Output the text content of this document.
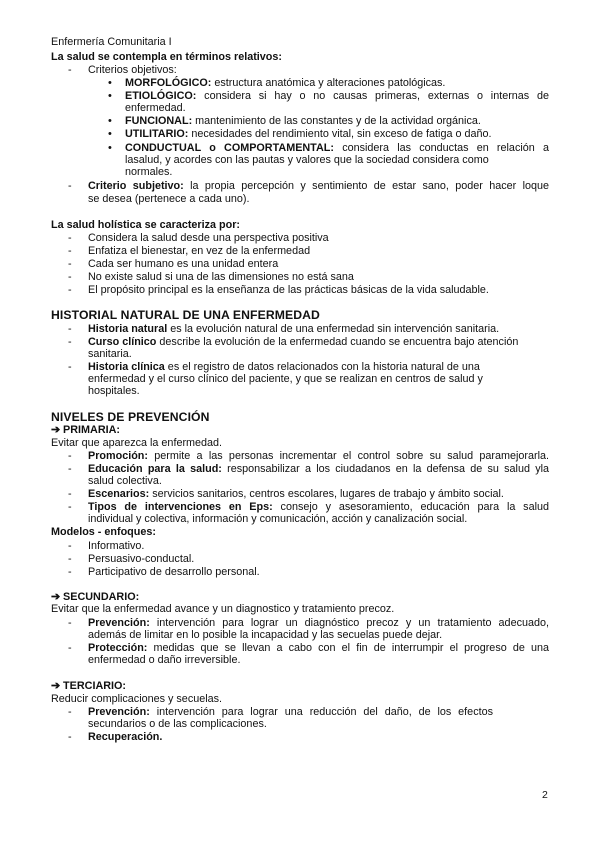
Enfermería Comunitaria I
La salud se contempla en términos relativos:
- Criterios objetivos:
• MORFOLÓGICO: estructura anatómica y alteraciones patológicas.
• ETIOLÓGICO: considera si hay o no causas primeras, externas o internas de
enfermedad.
• FUNCIONAL: mantenimiento de las constantes y de la actividad orgánica.
• UTILITARIO: necesidades del rendimiento vital, sin exceso de fatiga o daño.
• CONDUCTUAL o COMPORTAMENTAL: considera las conductas en relación a
lasalud, y acordes con las pautas y valores que la sociedad considera como
normales.
- Criterio subjetivo: la propia percepción y sentimiento de estar sano, poder hacer loque
se desea (pertenece a cada uno).
La salud holística se caracteriza por:
- Considera la salud desde una perspectiva positiva
- Enfatiza el bienestar, en vez de la enfermedad
- Cada ser humano es una unidad entera
- No existe salud si una de las dimensiones no está sana
- El propósito principal es la enseñanza de las prácticas básicas de la vida saludable.
HISTORIAL NATURAL DE UNA ENFERMEDAD
- Historia natural es la evolución natural de una enfermedad sin intervención sanitaria.
- Curso clínico describe la evolución de la enfermedad cuando se encuentra bajo atención
sanitaria.
- Historia clínica es el registro de datos relacionados con la historia natural de una
enfermedad y el curso clínico del paciente, y que se realizan en centros de salud y
hospitales.
NIVELES DE PREVENCIÓN
➔ PRIMARIA:
Evitar que aparezca la enfermedad.
- Promoción: permite a las personas incrementar el control sobre su salud paramejorarla.
- Educación para la salud: responsabilizar a los ciudadanos en la defensa de su salud yla
salud colectiva.
- Escenarios: servicios sanitarios, centros escolares, lugares de trabajo y ámbito social.
- Tipos de intervenciones en Eps: consejo y asesoramiento, educación para la salud
individual y colectiva, información y comunicación, acción y canalización social.
Modelos - enfoques:
- Informativo.
- Persuasivo-conductal.
- Participativo de desarrollo personal.
➔ SECUNDARIO:
Evitar que la enfermedad avance y un diagnostico y tratamiento precoz.
- Prevención: intervención para lograr un diagnóstico precoz y un tratamiento adecuado,
además de limitar en lo posible la incapacidad y las secuelas puede dejar.
- Protección: medidas que se llevan a cabo con el fin de interrumpir el progreso de una
enfermedad o daño irreversible.
➔ TERCIARIO:
Reducir complicaciones y secuelas.
- Prevención: intervención para lograr una reducción del daño, de los efectos
secundarios o de las complicaciones.
- Recuperación.
2
